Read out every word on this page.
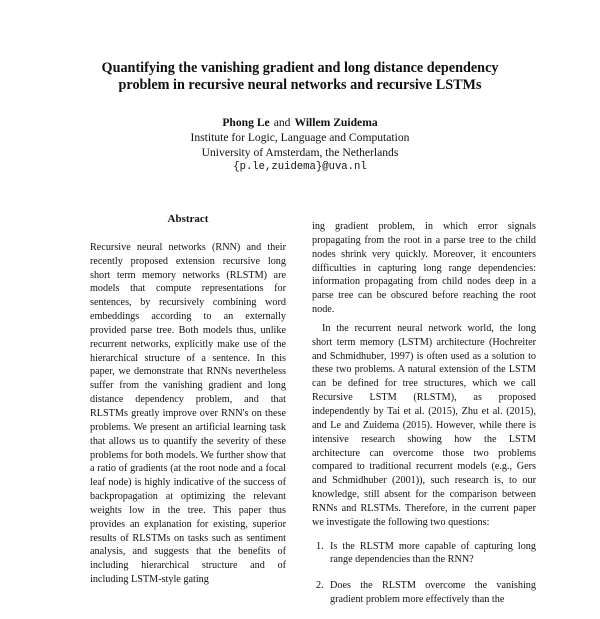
Quantifying the vanishing gradient and long distance dependency
problem in recursive neural networks and recursive LSTMs
Phong Le and Willem Zuidema
Institute for Logic, Language and Computation
University of Amsterdam, the Netherlands
{p.le,zuidema}@uva.nl
Abstract

Recursive neural networks (RNN) and their recently proposed extension recursive long short term memory networks (RLSTM) are models that compute representations for sentences, by recursively combining word embeddings according to an externally provided parse tree. Both models thus, unlike recurrent networks, explicitly make use of the hierarchical structure of a sentence. In this paper, we demonstrate that RNNs nevertheless suffer from the vanishing gradient and long distance dependency problem, and that RLSTMs greatly improve over RNN's on these problems. We present an artificial learning task that allows us to quantify the severity of these problems for both models. We further show that a ratio of gradients (at the root node and a focal leaf node) is highly indicative of the success of backpropagation at optimizing the relevant weights low in the tree. This paper thus provides an explanation for existing, superior results of RLSTMs on tasks such as sentiment analysis, and suggests that the benefits of including hierarchical structure and of including LSTM-style gating

ing gradient problem, in which error signals propagating from the root in a parse tree to the child nodes shrink very quickly. Moreover, it encounters difficulties in capturing long range dependencies: information propagating from child nodes deep in a parse tree can be obscured before reaching the root node.

In the recurrent neural network world, the long short term memory (LSTM) architecture (Hochreiter and Schmidhuber, 1997) is often used as a solution to these two problems. A natural extension of the LSTM can be defined for tree structures, which we call Recursive LSTM (RLSTM), as proposed independently by Tai et al. (2015), Zhu et al. (2015), and Le and Zuidema (2015). However, while there is intensive research showing how the LSTM architecture can overcome those two problems compared to traditional recurrent models (e.g., Gers and Schmidhuber (2001)), such research is, to our knowledge, still absent for the comparison between RNNs and RLSTMs. Therefore, in the current paper we investigate the following two questions:

1. Is the RLSTM more capable of capturing long range dependencies than the RNN?
2. Does the RLSTM overcome the vanishing gradient problem more effectively than the
